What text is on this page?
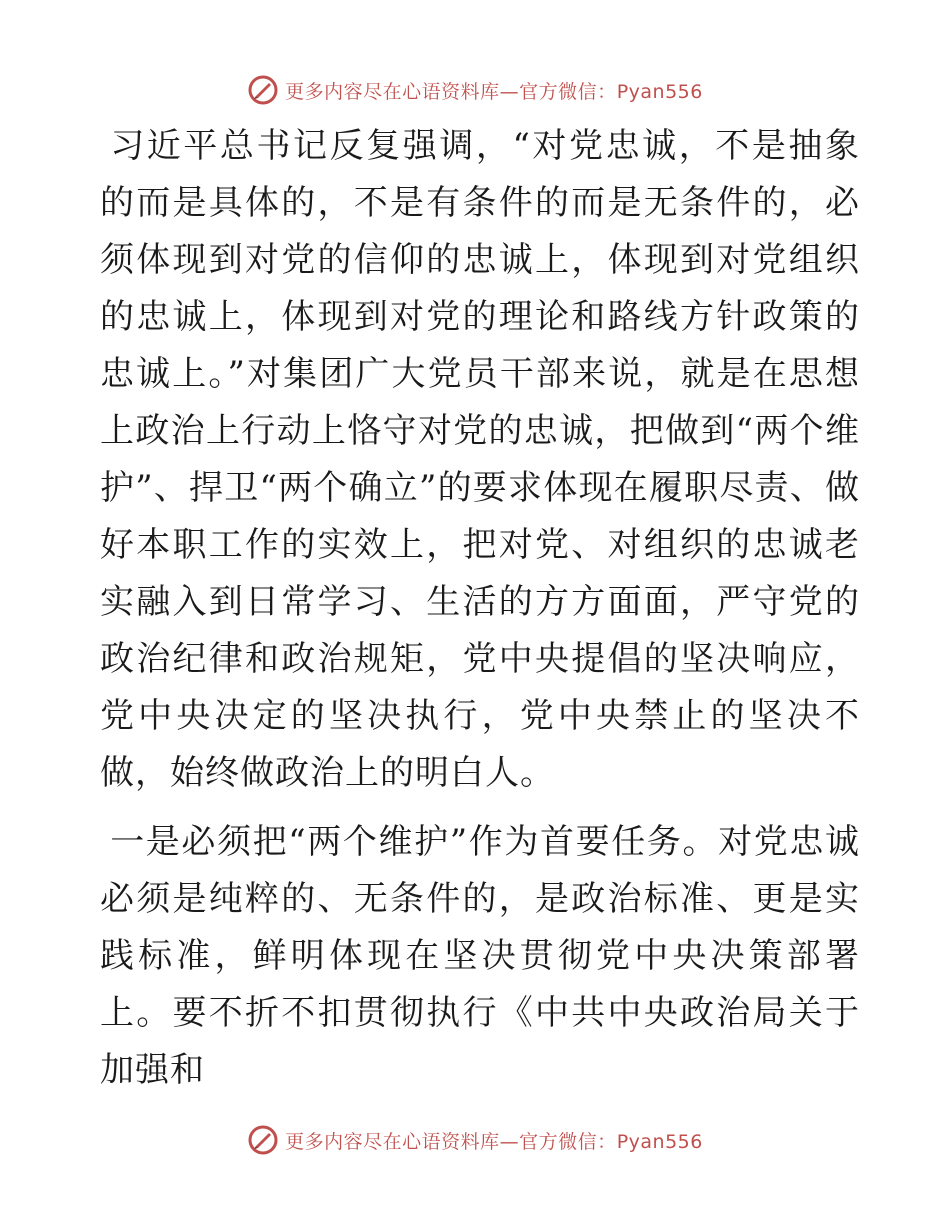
更多内容尽在心语资料库—官方微信：Pyan556

习近平总书记反复强调，“对党忠诚，不是抽象的而是具体的，不是有条件的而是无条件的，必须体现到对党的信仰的忠诚上，体现到对党组织的忠诚上，体现到对党的理论和路线方针政策的忠诚上。”对集团广大党员干部来说，就是在思想上政治上行动上恪守对党的忠诚，把做到“两个维护”、捍卫“两个确立”的要求体现在履职尽责、做好本职工作的实效上，把对党、对组织的忠诚老实融入到日常学习、生活的方方面面，严守党的政治纪律和政治规矩，党中央提倡的坚决响应，党中央决定的坚决执行，党中央禁止的坚决不做，始终做政治上的明白人。

一是必须把“两个维护”作为首要任务。对党忠诚必须是纯粹的、无条件的，是政治标准、更是实践标准，鲜明体现在坚决贯彻党中央决策部署上。要不折不扣贯彻执行《中共中央政治局关于加强和

更多内容尽在心语资料库—官方微信：Pyan556
